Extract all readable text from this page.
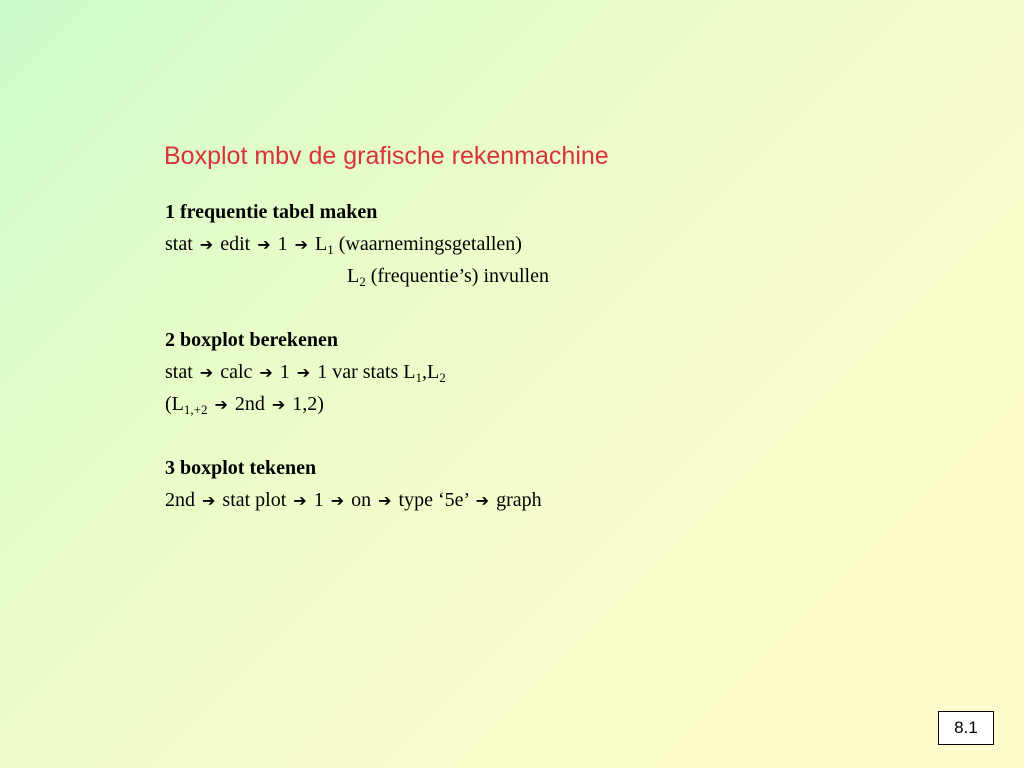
Boxplot mbv de grafische rekenmachine
1 frequentie tabel maken
stat ➔ edit ➔ 1 ➔ $L_1$ (waarnemingsgetallen)
$L_2$ (frequentie’s) invullen
2 boxplot berekenen
stat ➔ calc ➔ 1 ➔ 1 var stats $L_1,L_2$
($L_{1,+2}$ ➔ 2nd ➔ 1,2)
3 boxplot tekenen
2nd ➔ stat plot ➔ 1 ➔ on ➔ type ‘5e’ ➔ graph
8.1
